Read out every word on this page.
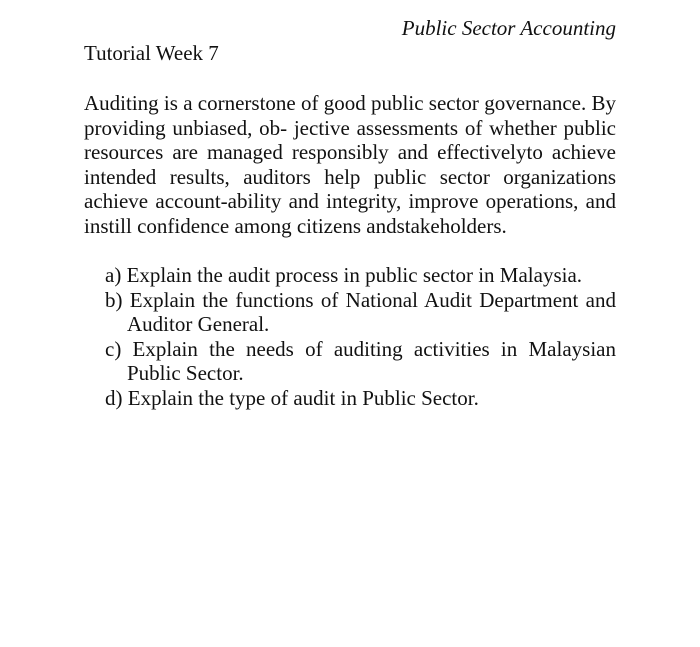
Public Sector Accounting
Tutorial Week 7

Auditing is a cornerstone of good public sector governance. By providing unbiased, ob- jective assessments of whether public resources are managed responsibly and effectivelyto achieve intended results, auditors help public sector organizations achieve account-ability and integrity, improve operations, and instill confidence among citizens andstakeholders.

a) Explain the audit process in public sector in Malaysia.
b) Explain the functions of National Audit Department and Auditor General.
c) Explain the needs of auditing activities in Malaysian Public Sector.
d) Explain the type of audit in Public Sector.
